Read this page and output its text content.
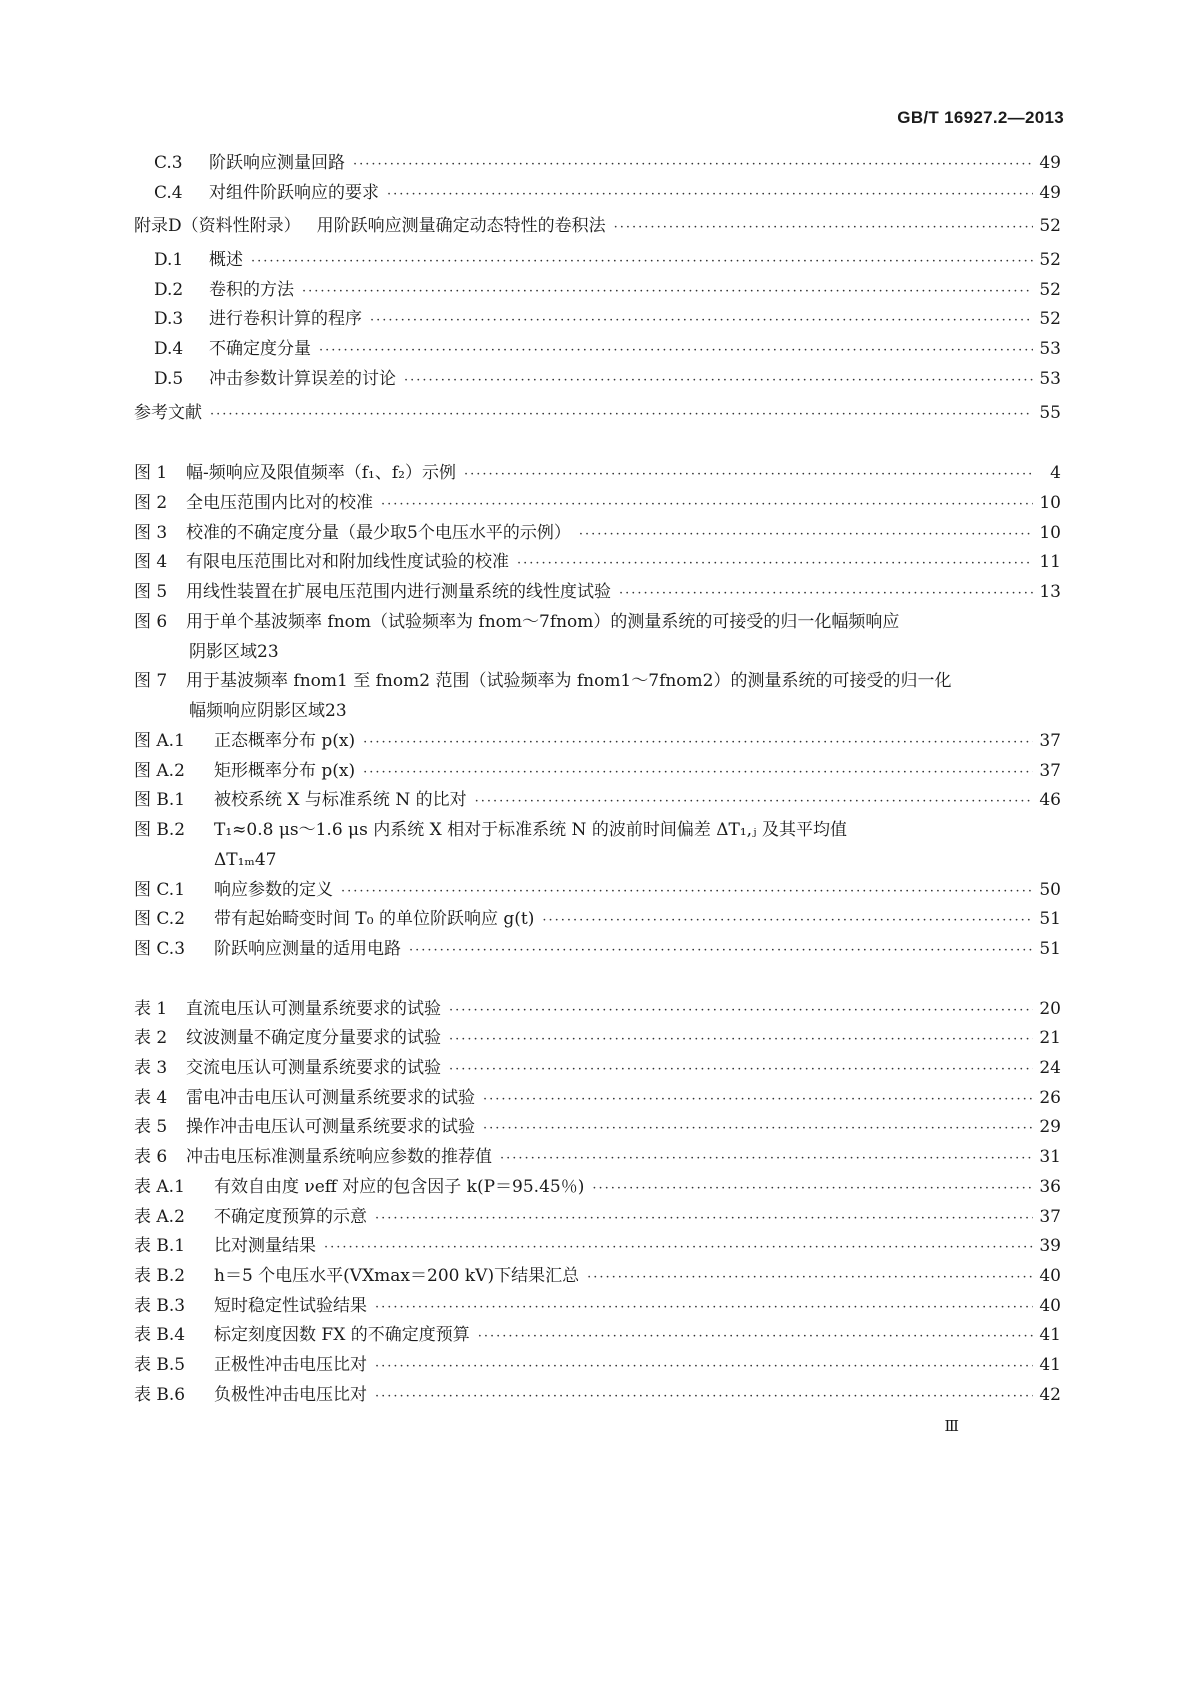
GB/T 16927.2—2013
C.3	阶跃响应测量回路 ·····	49
C.4	对组件阶跃响应的要求 ·····	49
附录D（资料性附录） 用阶跃响应测量确定动态特性的卷积法 ·····	52
D.1	概述 ·····	52
D.2	卷积的方法 ·····	52
D.3	进行卷积计算的程序 ·····	52
D.4	不确定度分量 ·····	53
D.5	冲击参数计算误差的讨论 ·····	53
参考文献 ·····	55
图 1	幅-频响应及限值频率（f₁、f₂）示例 ·····	4
图 2	全电压范围内比对的校准 ·····	10
图 3	校准的不确定度分量（最少取5个电压水平的示例） ·····	10
图 4	有限电压范围比对和附加线性度试验的校准 ·····	11
图 5	用线性装置在扩展电压范围内进行测量系统的线性度试验 ·····	13
图 6	用于单个基波频率 fnom（试验频率为 fnom～7fnom）的测量系统的可接受的归一化幅频响应
阴影区域 23
图 7	用于基波频率 fnom1 至 fnom2 范围（试验频率为 fnom1～7fnom2）的测量系统的可接受的归一化
幅频响应阴影区域 23
图 A.1	正态概率分布 p(x) ·····	37
图 A.2	矩形概率分布 p(x) ·····	37
图 B.1	被校系统 X 与标准系统 N 的比对 ·····	46
图 B.2	T₁≈0.8 μs～1.6 μs 内系统 X 相对于标准系统 N 的波前时间偏差 ΔT₁,ⱼ 及其平均值
ΔT₁ₘ 47
图 C.1	响应参数的定义 ·····	50
图 C.2	带有起始畸变时间 T₀ 的单位阶跃响应 g(t) ·····	51
图 C.3	阶跃响应测量的适用电路 ·····	51
表 1	直流电压认可测量系统要求的试验 ·····	20
表 2	纹波测量不确定度分量要求的试验 ·····	21
表 3	交流电压认可测量系统要求的试验 ·····	24
表 4	雷电冲击电压认可测量系统要求的试验 ·····	26
表 5	操作冲击电压认可测量系统要求的试验 ·····	29
表 6	冲击电压标准测量系统响应参数的推荐值 ·····	31
表 A.1	有效自由度 νeff 对应的包含因子 k(P＝95.45％) ·····	36
表 A.2	不确定度预算的示意 ·····	37
表 B.1	比对测量结果 ·····	39
表 B.2	h＝5 个电压水平(VXmax＝200 kV)下结果汇总 ·····	40
表 B.3	短时稳定性试验结果 ·····	40
表 B.4	标定刻度因数 FX 的不确定度预算 ·····	41
表 B.5	正极性冲击电压比对 ·····	41
表 B.6	负极性冲击电压比对 ·····	42
Ⅲ
